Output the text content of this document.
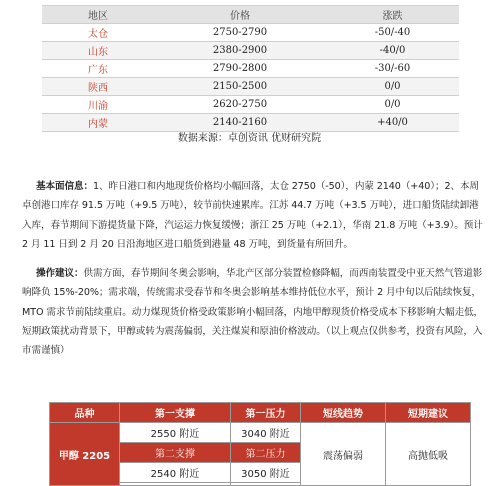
地区	价格	涨跌
太仓	2750-2790	-50/-40
山东	2380-2900	-40/0
广东	2790-2800	-30/-60
陕西	2150-2500	0/0
川渝	2620-2750	0/0
内蒙	2140-2160	+40/0
数据来源：卓创资讯 优财研究院
基本面信息：1、昨日港口和内地现货价格均小幅回落，太仓 2750（-50），内蒙 2140（+40）；2、本周卓创港口库存 91.5 万吨（+9.5 万吨），较节前快速累库。江苏 44.7 万吨（+3.5 万吨），进口船货陆续卸港入库，春节期间下游提货量下降，汽运运力恢复缓慢；浙江 25 万吨（+2.1），华南 21.8 万吨（+3.9）。预计 2 月 11 日到 2 月 20 日沿海地区进口船货到港量 48 万吨，到货量有所回升。
操作建议：供需方面，春节期间冬奥会影响，华北产区部分装置检修降幅，而西南装置受中亚天然气管道影响降负 15%-20%；需求端，传统需求受春节和冬奥会影响基本维持低位水平，预计 2 月中旬以后陆续恢复，MTO 需求节前陆续重启。动力煤现货价格受政策影响小幅回落，内地甲醇现货价格受成本下移影响大幅走低，短期政策扰动背景下，甲醇或转为震荡偏弱，关注煤炭和原油价格波动。（以上观点仅供参考，投资有风险，入市需谨慎）
品种	第一支撑	第一压力	短线趋势	短期建议
甲醇 2205	2550 附近	3040 附近	震荡偏弱	高抛低吸
	第二支撑	第二压力		
	2540 附近	3050 附近		
